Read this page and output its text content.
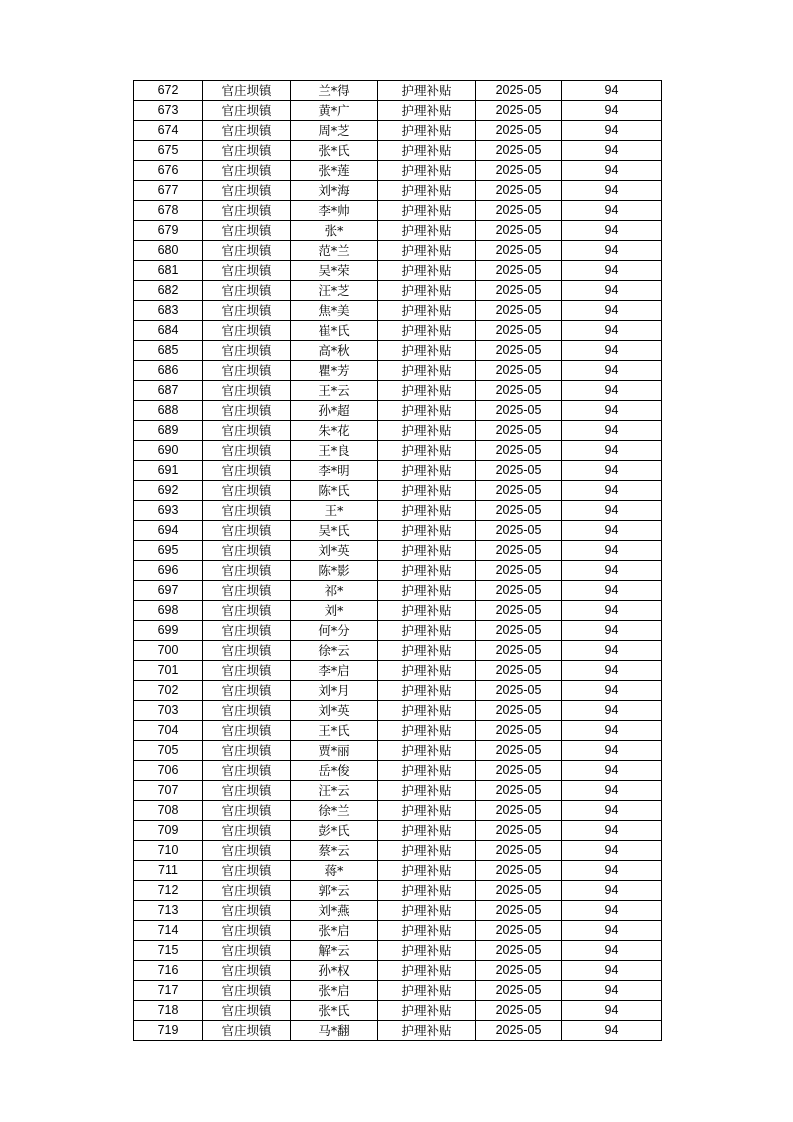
672	官庄坝镇	兰*得	护理补贴	2025-05	94
673	官庄坝镇	黄*广	护理补贴	2025-05	94
674	官庄坝镇	周*芝	护理补贴	2025-05	94
675	官庄坝镇	张*氏	护理补贴	2025-05	94
676	官庄坝镇	张*莲	护理补贴	2025-05	94
677	官庄坝镇	刘*海	护理补贴	2025-05	94
678	官庄坝镇	李*帅	护理补贴	2025-05	94
679	官庄坝镇	张*	护理补贴	2025-05	94
680	官庄坝镇	范*兰	护理补贴	2025-05	94
681	官庄坝镇	吴*荣	护理补贴	2025-05	94
682	官庄坝镇	汪*芝	护理补贴	2025-05	94
683	官庄坝镇	焦*美	护理补贴	2025-05	94
684	官庄坝镇	崔*氏	护理补贴	2025-05	94
685	官庄坝镇	高*秋	护理补贴	2025-05	94
686	官庄坝镇	瞿*芳	护理补贴	2025-05	94
687	官庄坝镇	王*云	护理补贴	2025-05	94
688	官庄坝镇	孙*超	护理补贴	2025-05	94
689	官庄坝镇	朱*花	护理补贴	2025-05	94
690	官庄坝镇	王*良	护理补贴	2025-05	94
691	官庄坝镇	李*明	护理补贴	2025-05	94
692	官庄坝镇	陈*氏	护理补贴	2025-05	94
693	官庄坝镇	王*	护理补贴	2025-05	94
694	官庄坝镇	吴*氏	护理补贴	2025-05	94
695	官庄坝镇	刘*英	护理补贴	2025-05	94
696	官庄坝镇	陈*影	护理补贴	2025-05	94
697	官庄坝镇	祁*	护理补贴	2025-05	94
698	官庄坝镇	刘*	护理补贴	2025-05	94
699	官庄坝镇	何*分	护理补贴	2025-05	94
700	官庄坝镇	徐*云	护理补贴	2025-05	94
701	官庄坝镇	李*启	护理补贴	2025-05	94
702	官庄坝镇	刘*月	护理补贴	2025-05	94
703	官庄坝镇	刘*英	护理补贴	2025-05	94
704	官庄坝镇	王*氏	护理补贴	2025-05	94
705	官庄坝镇	贾*丽	护理补贴	2025-05	94
706	官庄坝镇	岳*俊	护理补贴	2025-05	94
707	官庄坝镇	汪*云	护理补贴	2025-05	94
708	官庄坝镇	徐*兰	护理补贴	2025-05	94
709	官庄坝镇	彭*氏	护理补贴	2025-05	94
710	官庄坝镇	蔡*云	护理补贴	2025-05	94
711	官庄坝镇	蒋*	护理补贴	2025-05	94
712	官庄坝镇	郭*云	护理补贴	2025-05	94
713	官庄坝镇	刘*燕	护理补贴	2025-05	94
714	官庄坝镇	张*启	护理补贴	2025-05	94
715	官庄坝镇	解*云	护理补贴	2025-05	94
716	官庄坝镇	孙*权	护理补贴	2025-05	94
717	官庄坝镇	张*启	护理补贴	2025-05	94
718	官庄坝镇	张*氏	护理补贴	2025-05	94
719	官庄坝镇	马*翻	护理补贴	2025-05	94
